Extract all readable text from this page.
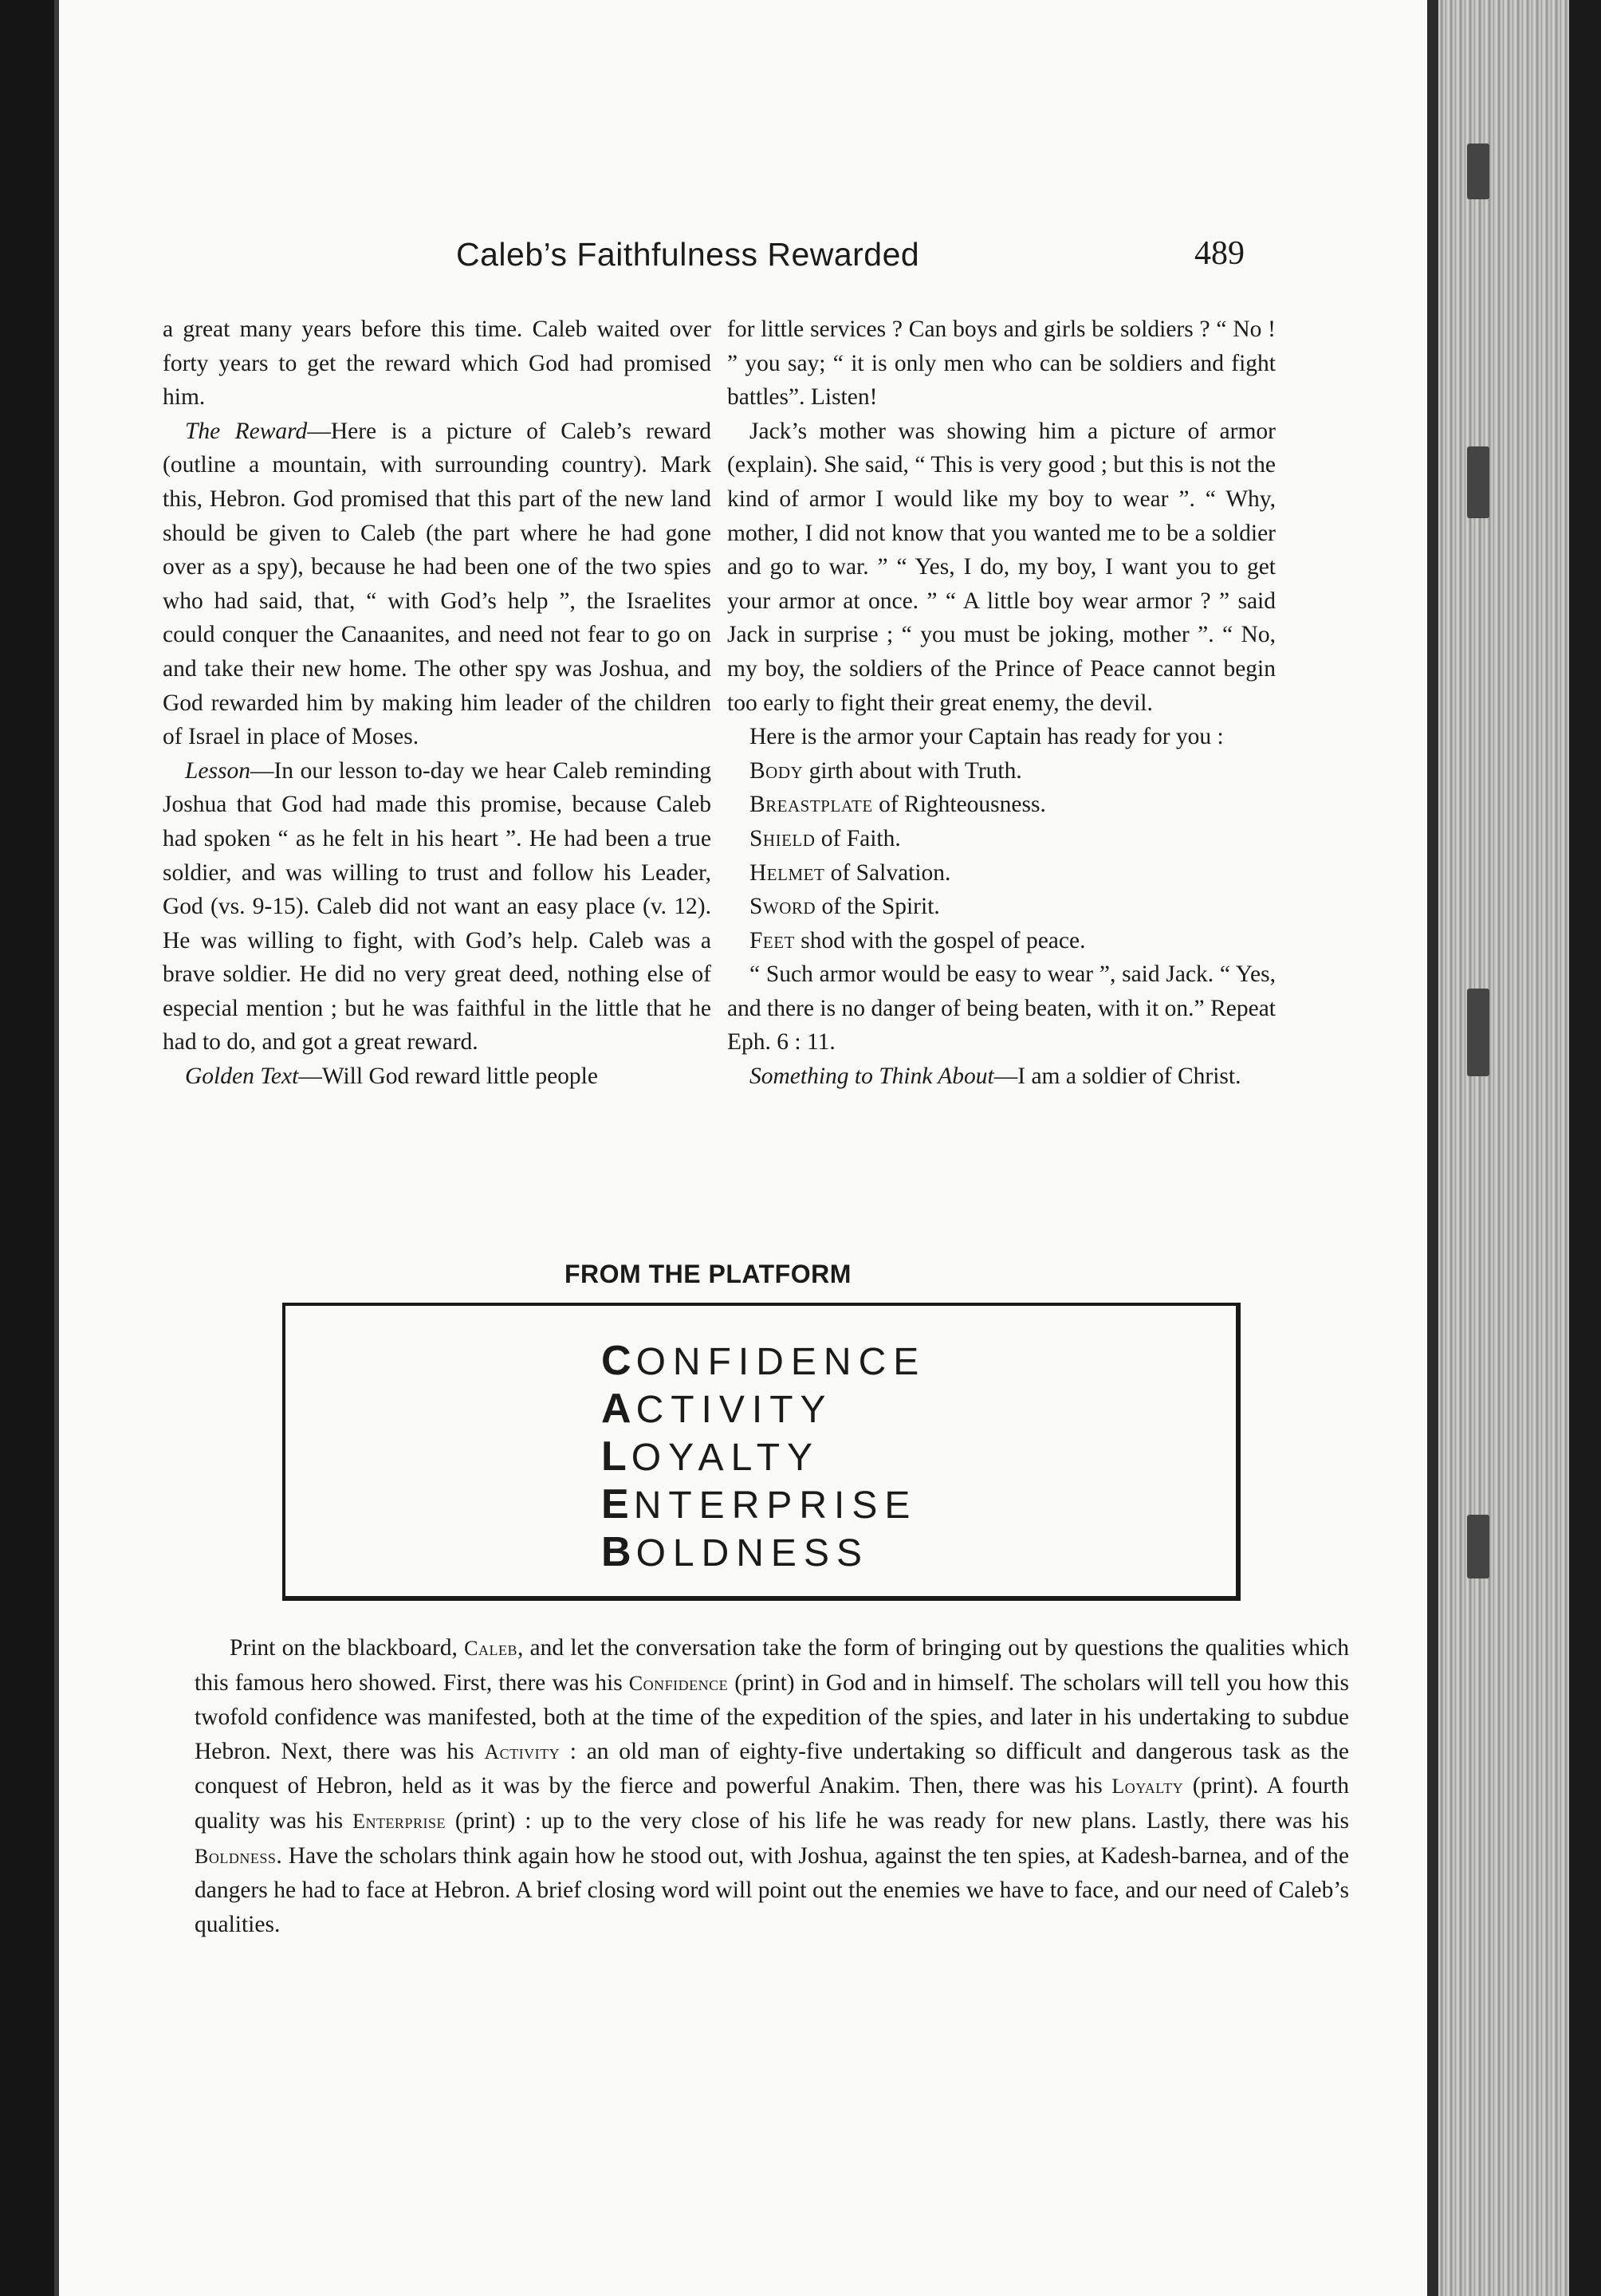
Caleb’s Faithfulness Rewarded	489

a great many years before this time. Caleb waited over forty years to get the reward which God had promised him.

The Reward—Here is a picture of Caleb’s reward (outline a mountain, with surrounding country). Mark this, Hebron. God promised that this part of the new land should be given to Caleb (the part where he had gone over as a spy), because he had been one of the two spies who had said, that, “ with God’s help ”, the Israelites could conquer the Canaanites, and need not fear to go on and take their new home. The other spy was Joshua, and God rewarded him by making him leader of the children of Israel in place of Moses.

Lesson—In our lesson to-day we hear Caleb reminding Joshua that God had made this promise, because Caleb had spoken “ as he felt in his heart ”. He had been a true soldier, and was willing to trust and follow his Leader, God (vs. 9-15). Caleb did not want an easy place (v. 12). He was willing to fight, with God’s help. Caleb was a brave soldier. He did no very great deed, nothing else of especial mention ; but he was faithful in the little that he had to do, and got a great reward.

Golden Text—Will God reward little people

for little services ? Can boys and girls be soldiers ? “ No ! ” you say; “ it is only men who can be soldiers and fight battles”. Listen!

Jack’s mother was showing him a picture of armor (explain). She said, “ This is very good ; but this is not the kind of armor I would like my boy to wear ”. “ Why, mother, I did not know that you wanted me to be a soldier and go to war. ” “ Yes, I do, my boy, I want you to get your armor at once. ” “ A little boy wear armor ? ” said Jack in surprise ; “ you must be joking, mother ”. “ No, my boy, the soldiers of the Prince of Peace cannot begin too early to fight their great enemy, the devil.

Here is the armor your Captain has ready for you :

Body girth about with Truth.
Breastplate of Righteousness.
Shield of Faith.
Helmet of Salvation.
Sword of the Spirit.
Feet shod with the gospel of peace.

“ Such armor would be easy to wear ”, said Jack. “ Yes, and there is no danger of being beaten, with it on.” Repeat Eph. 6 : 11.

Something to Think About—I am a soldier of Christ.

FROM THE PLATFORM
CONFIDENCE
ACTIVITY
LOYALTY
ENTERPRISE
BOLDNESS

Print on the blackboard, Caleb, and let the conversation take the form of bringing out by questions the qualities which this famous hero showed. First, there was his Confidence (print) in God and in himself. The scholars will tell you how this twofold confidence was manifested, both at the time of the expedition of the spies, and later in his undertaking to subdue Hebron. Next, there was his Activity : an old man of eighty-five undertaking so difficult and dangerous task as the conquest of Hebron, held as it was by the fierce and powerful Anakim. Then, there was his Loyalty (print). A fourth quality was his Enterprise (print) : up to the very close of his life he was ready for new plans. Lastly, there was his Boldness. Have the scholars think again how he stood out, with Joshua, against the ten spies, at Kadesh-barnea, and of the dangers he had to face at Hebron. A brief closing word will point out the enemies we have to face, and our need of Caleb’s qualities.
